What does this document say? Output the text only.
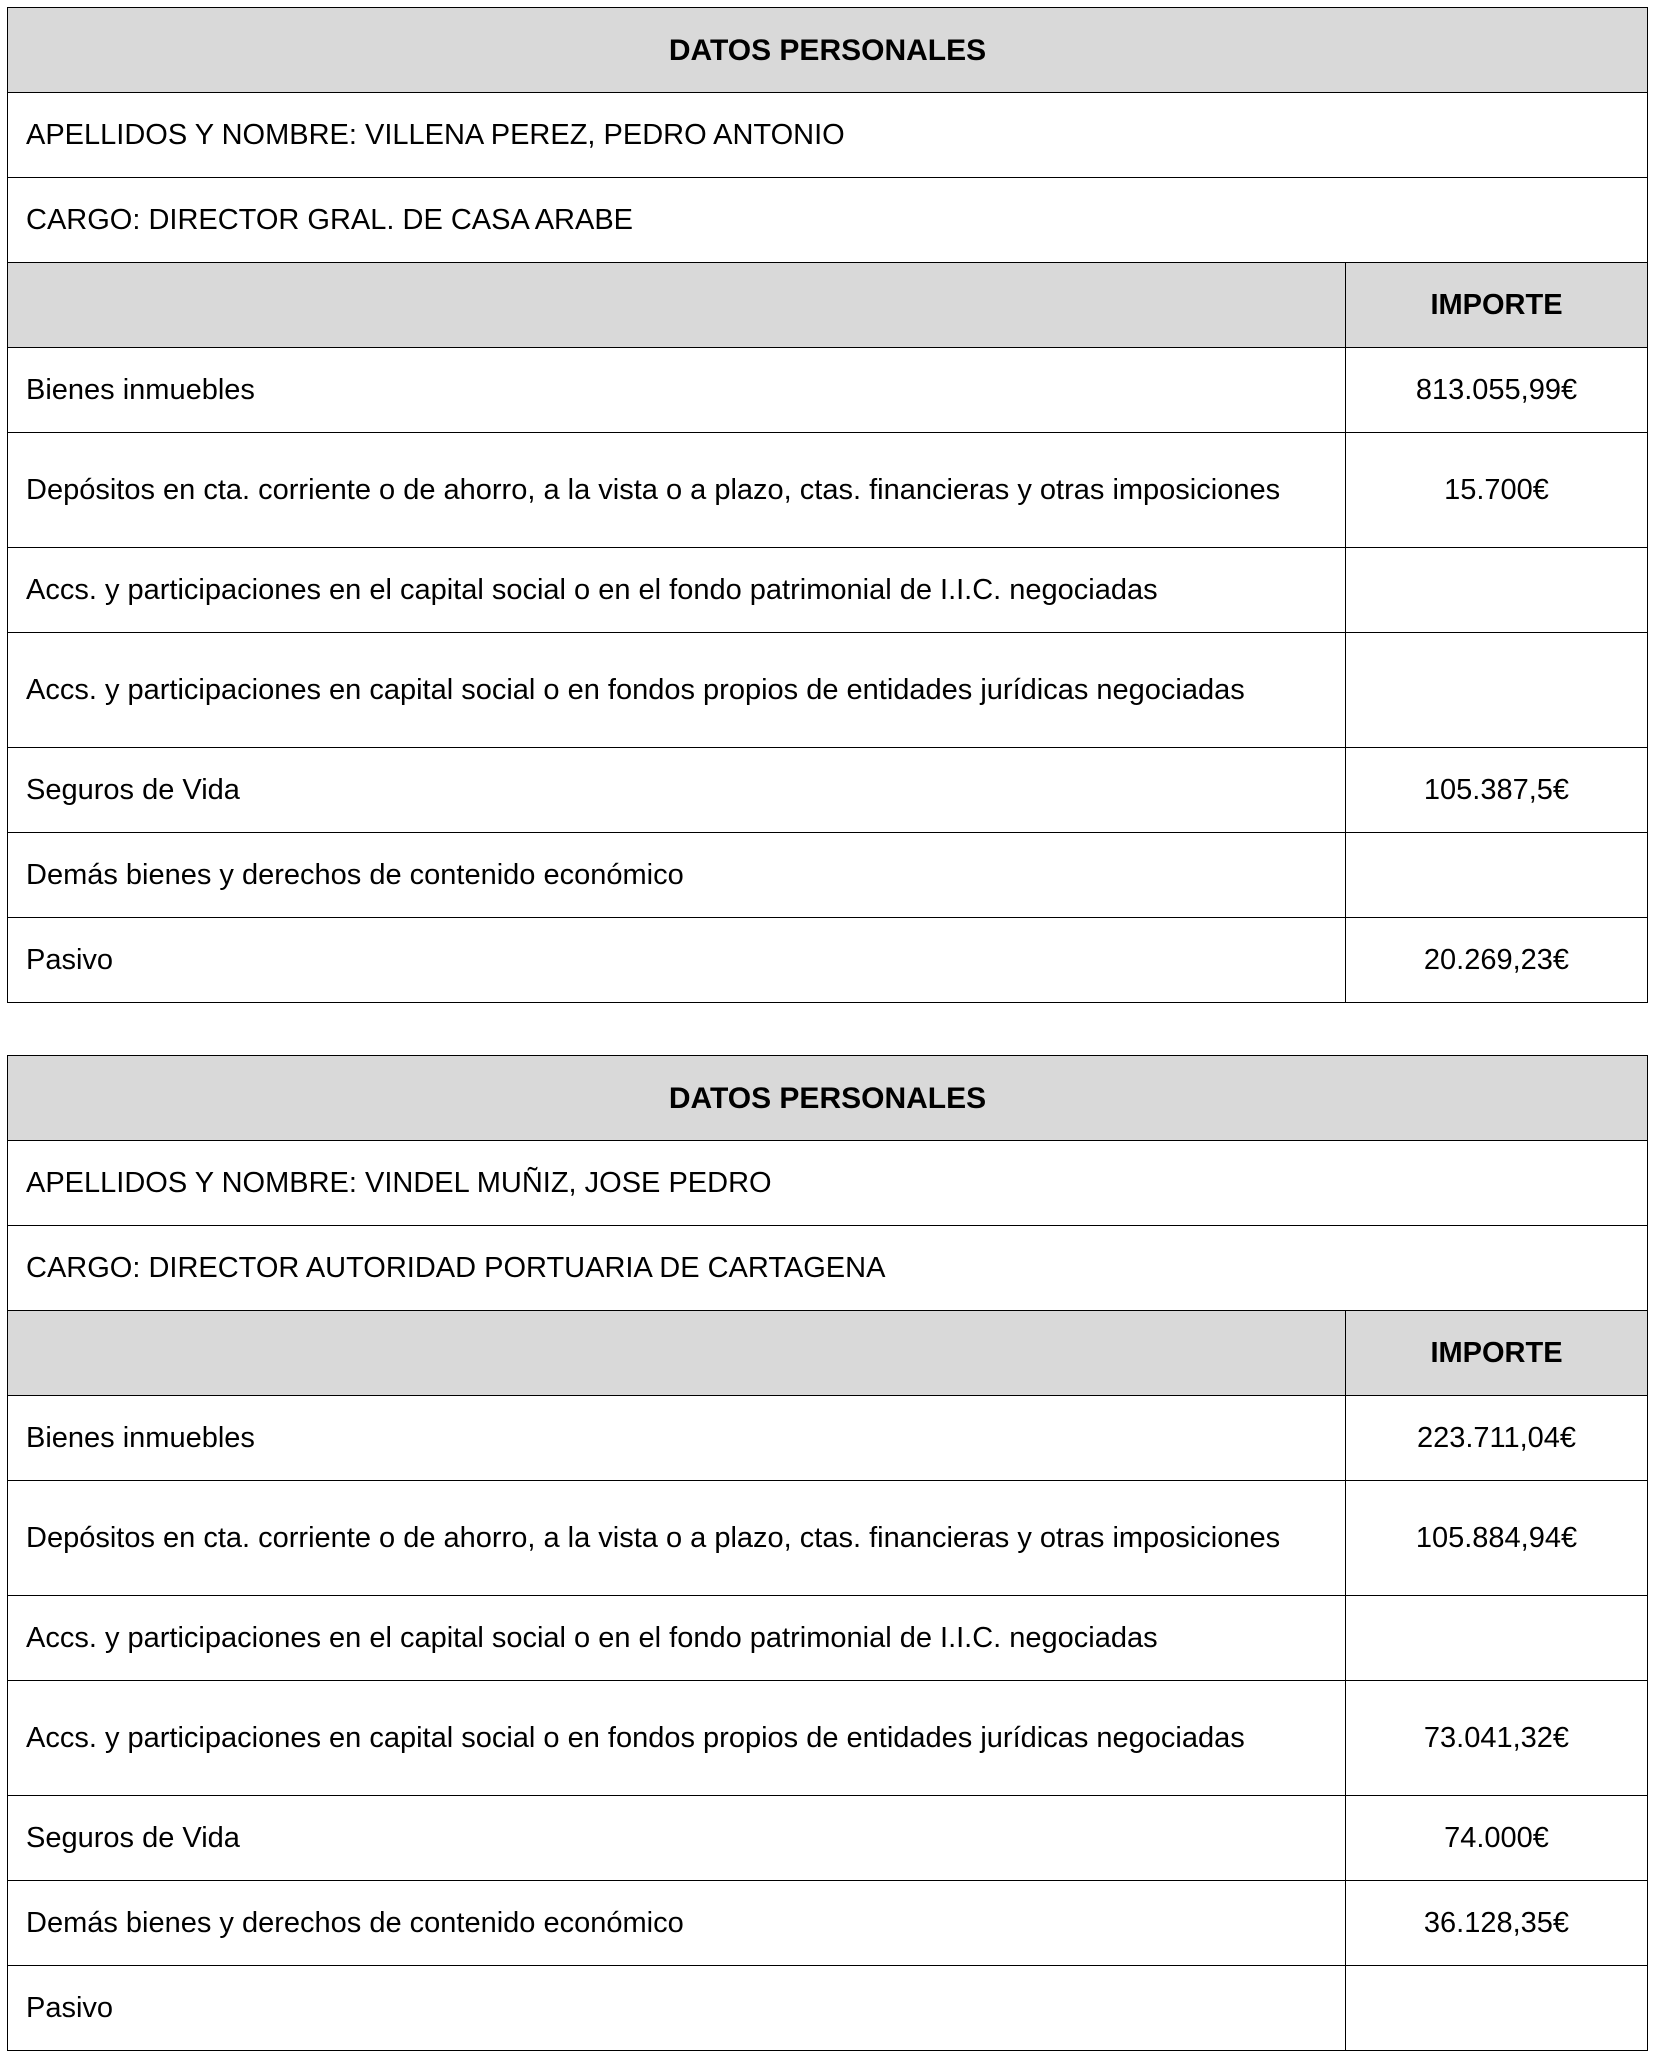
DATOS PERSONALES	
APELLIDOS Y NOMBRE: VILLENA PEREZ, PEDRO ANTONIO	
CARGO: DIRECTOR GRAL. DE CASA ARABE	
	IMPORTE
Bienes inmuebles	813.055,99€
Depósitos en cta. corriente o de ahorro, a la vista o a plazo, ctas. financieras y otras imposiciones	15.700€
Accs. y participaciones en el capital social o en el fondo patrimonial de I.I.C. negociadas	
Accs. y participaciones en capital social o en fondos propios de entidades jurídicas negociadas	
Seguros de Vida	105.387,5€
Demás bienes y derechos de contenido económico	
Pasivo	20.269,23€
DATOS PERSONALES	
APELLIDOS Y NOMBRE: VINDEL MUÑIZ, JOSE PEDRO	
CARGO: DIRECTOR AUTORIDAD PORTUARIA DE CARTAGENA	
	IMPORTE
Bienes inmuebles	223.711,04€
Depósitos en cta. corriente o de ahorro, a la vista o a plazo, ctas. financieras y otras imposiciones	105.884,94€
Accs. y participaciones en el capital social o en el fondo patrimonial de I.I.C. negociadas	
Accs. y participaciones en capital social o en fondos propios de entidades jurídicas negociadas	73.041,32€
Seguros de Vida	74.000€
Demás bienes y derechos de contenido económico	36.128,35€
Pasivo	
